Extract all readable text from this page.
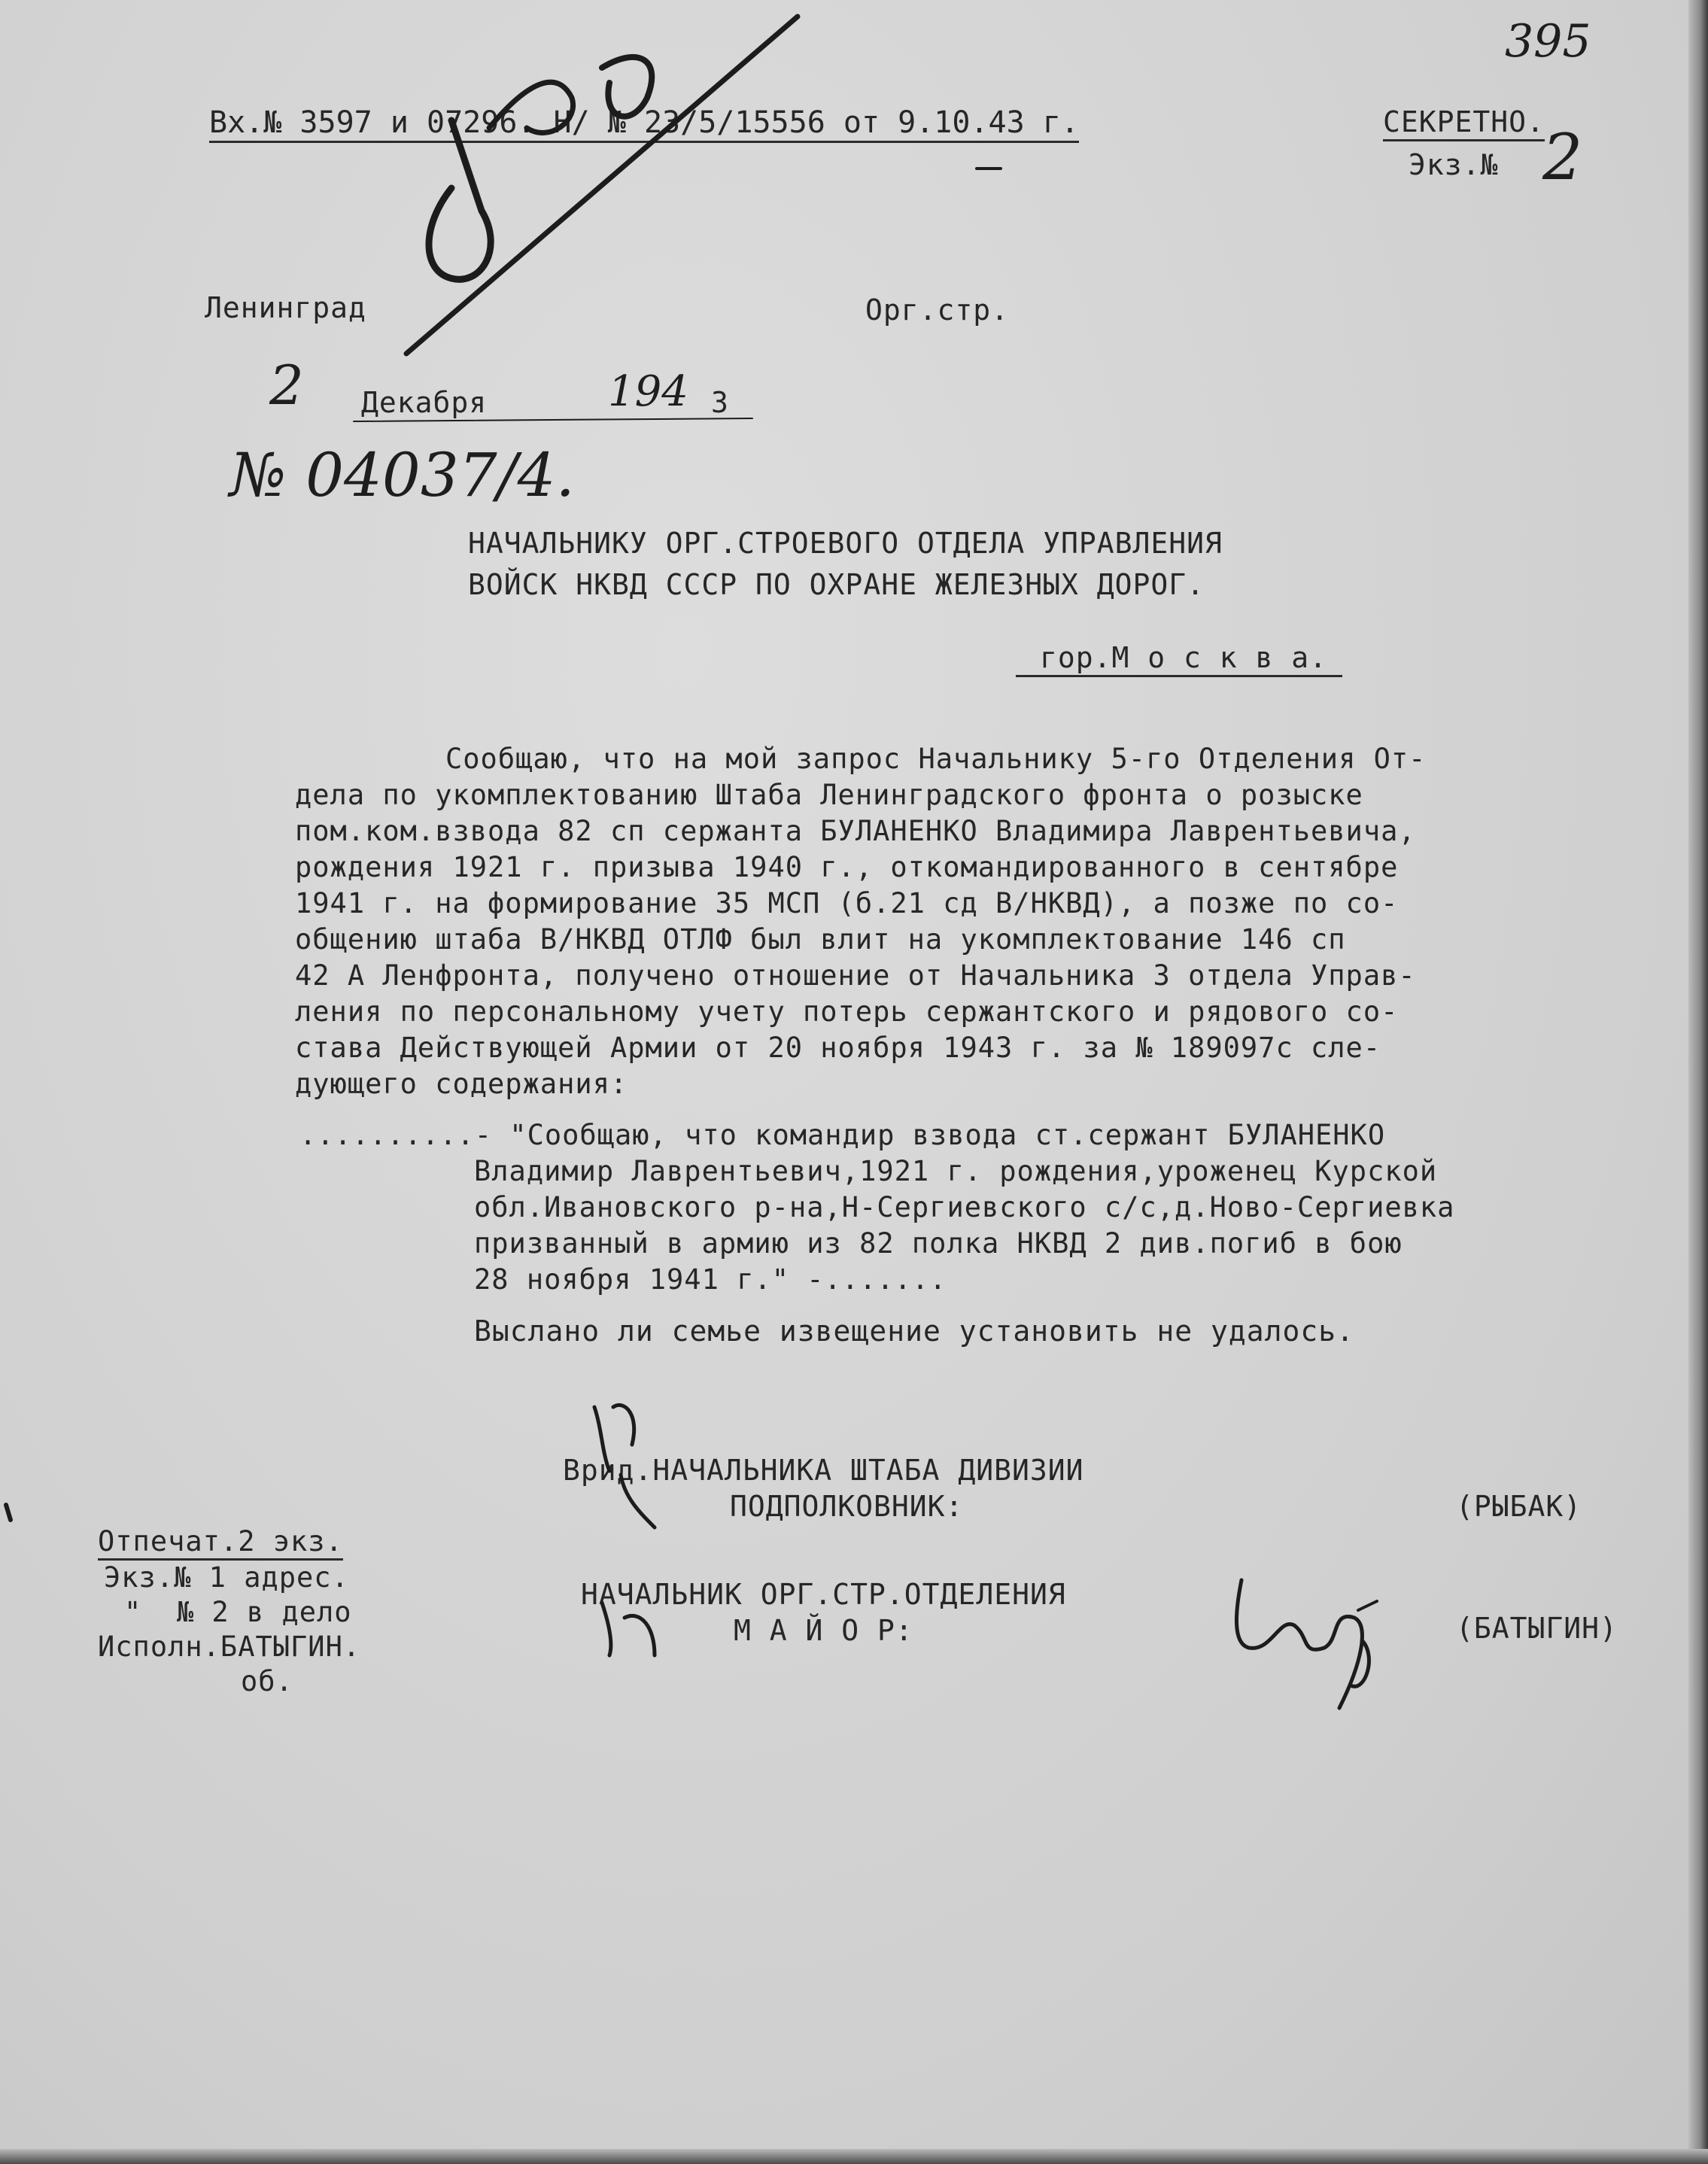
Вх.№ 3597 и 07296. Н/ № 23/5/15556 от 9.10.43 г.	СЕКРЕТНО.
Экз.№ 2
395
Ленинград	Орг.стр.
2 Декабря	194 3
№ 04037/4.
НАЧАЛЬНИКУ ОРГ.СТРОЕВОГО ОТДЕЛА УПРАВЛЕНИЯ
ВОЙСК НКВД СССР ПО ОХРАНЕ ЖЕЛЕЗНЫХ ДОРОГ.
гор.М о с к в а.
Сообщаю, что на мой запрос Начальнику 5-го Отделения От-
дела по укомплектованию Штаба Ленинградского фронта о розыске
пом.ком.взвода 82 сп сержанта БУЛАНЕНКО Владимира Лаврентьевича,
рождения 1921 г. призыва 1940 г., откомандированного в сентябре
1941 г. на формирование 35 МСП (б.21 сд В/НКВД), а позже по со-
общению штаба В/НКВД ОТЛФ был влит на укомплектование 146 сп
42 А Ленфронта, получено отношение от Начальника 3 отдела Управ-
ления по персональному учету потерь сержантского и рядового со-
става Действующей Армии от 20 ноября 1943 г. за № 189097с сле-
дующего содержания:
..........- "Сообщаю, что командир взвода ст.сержант БУЛАНЕНКО
Владимир Лаврентьевич,1921 г. рождения,уроженец Курской
обл.Ивановского р-на,Н-Сергиевского с/с,д.Ново-Сергиевка
призванный в армию из 82 полка НКВД 2 див.погиб в бою
28 ноября 1941 г." -.......
Выслано ли семье извещение установить не удалось.
Врид.НАЧАЛЬНИКА ШТАБА ДИВИЗИИ
ПОДПОЛКОВНИК:	(РЫБАК)
НАЧАЛЬНИК ОРГ.СТР.ОТДЕЛЕНИЯ
М А Й О Р:	(БАТЫГИН)
Отпечат.2 экз.
Экз.№ 1 адрес.
"  № 2 в дело
Исполн.БАТЫГИН.
об.
